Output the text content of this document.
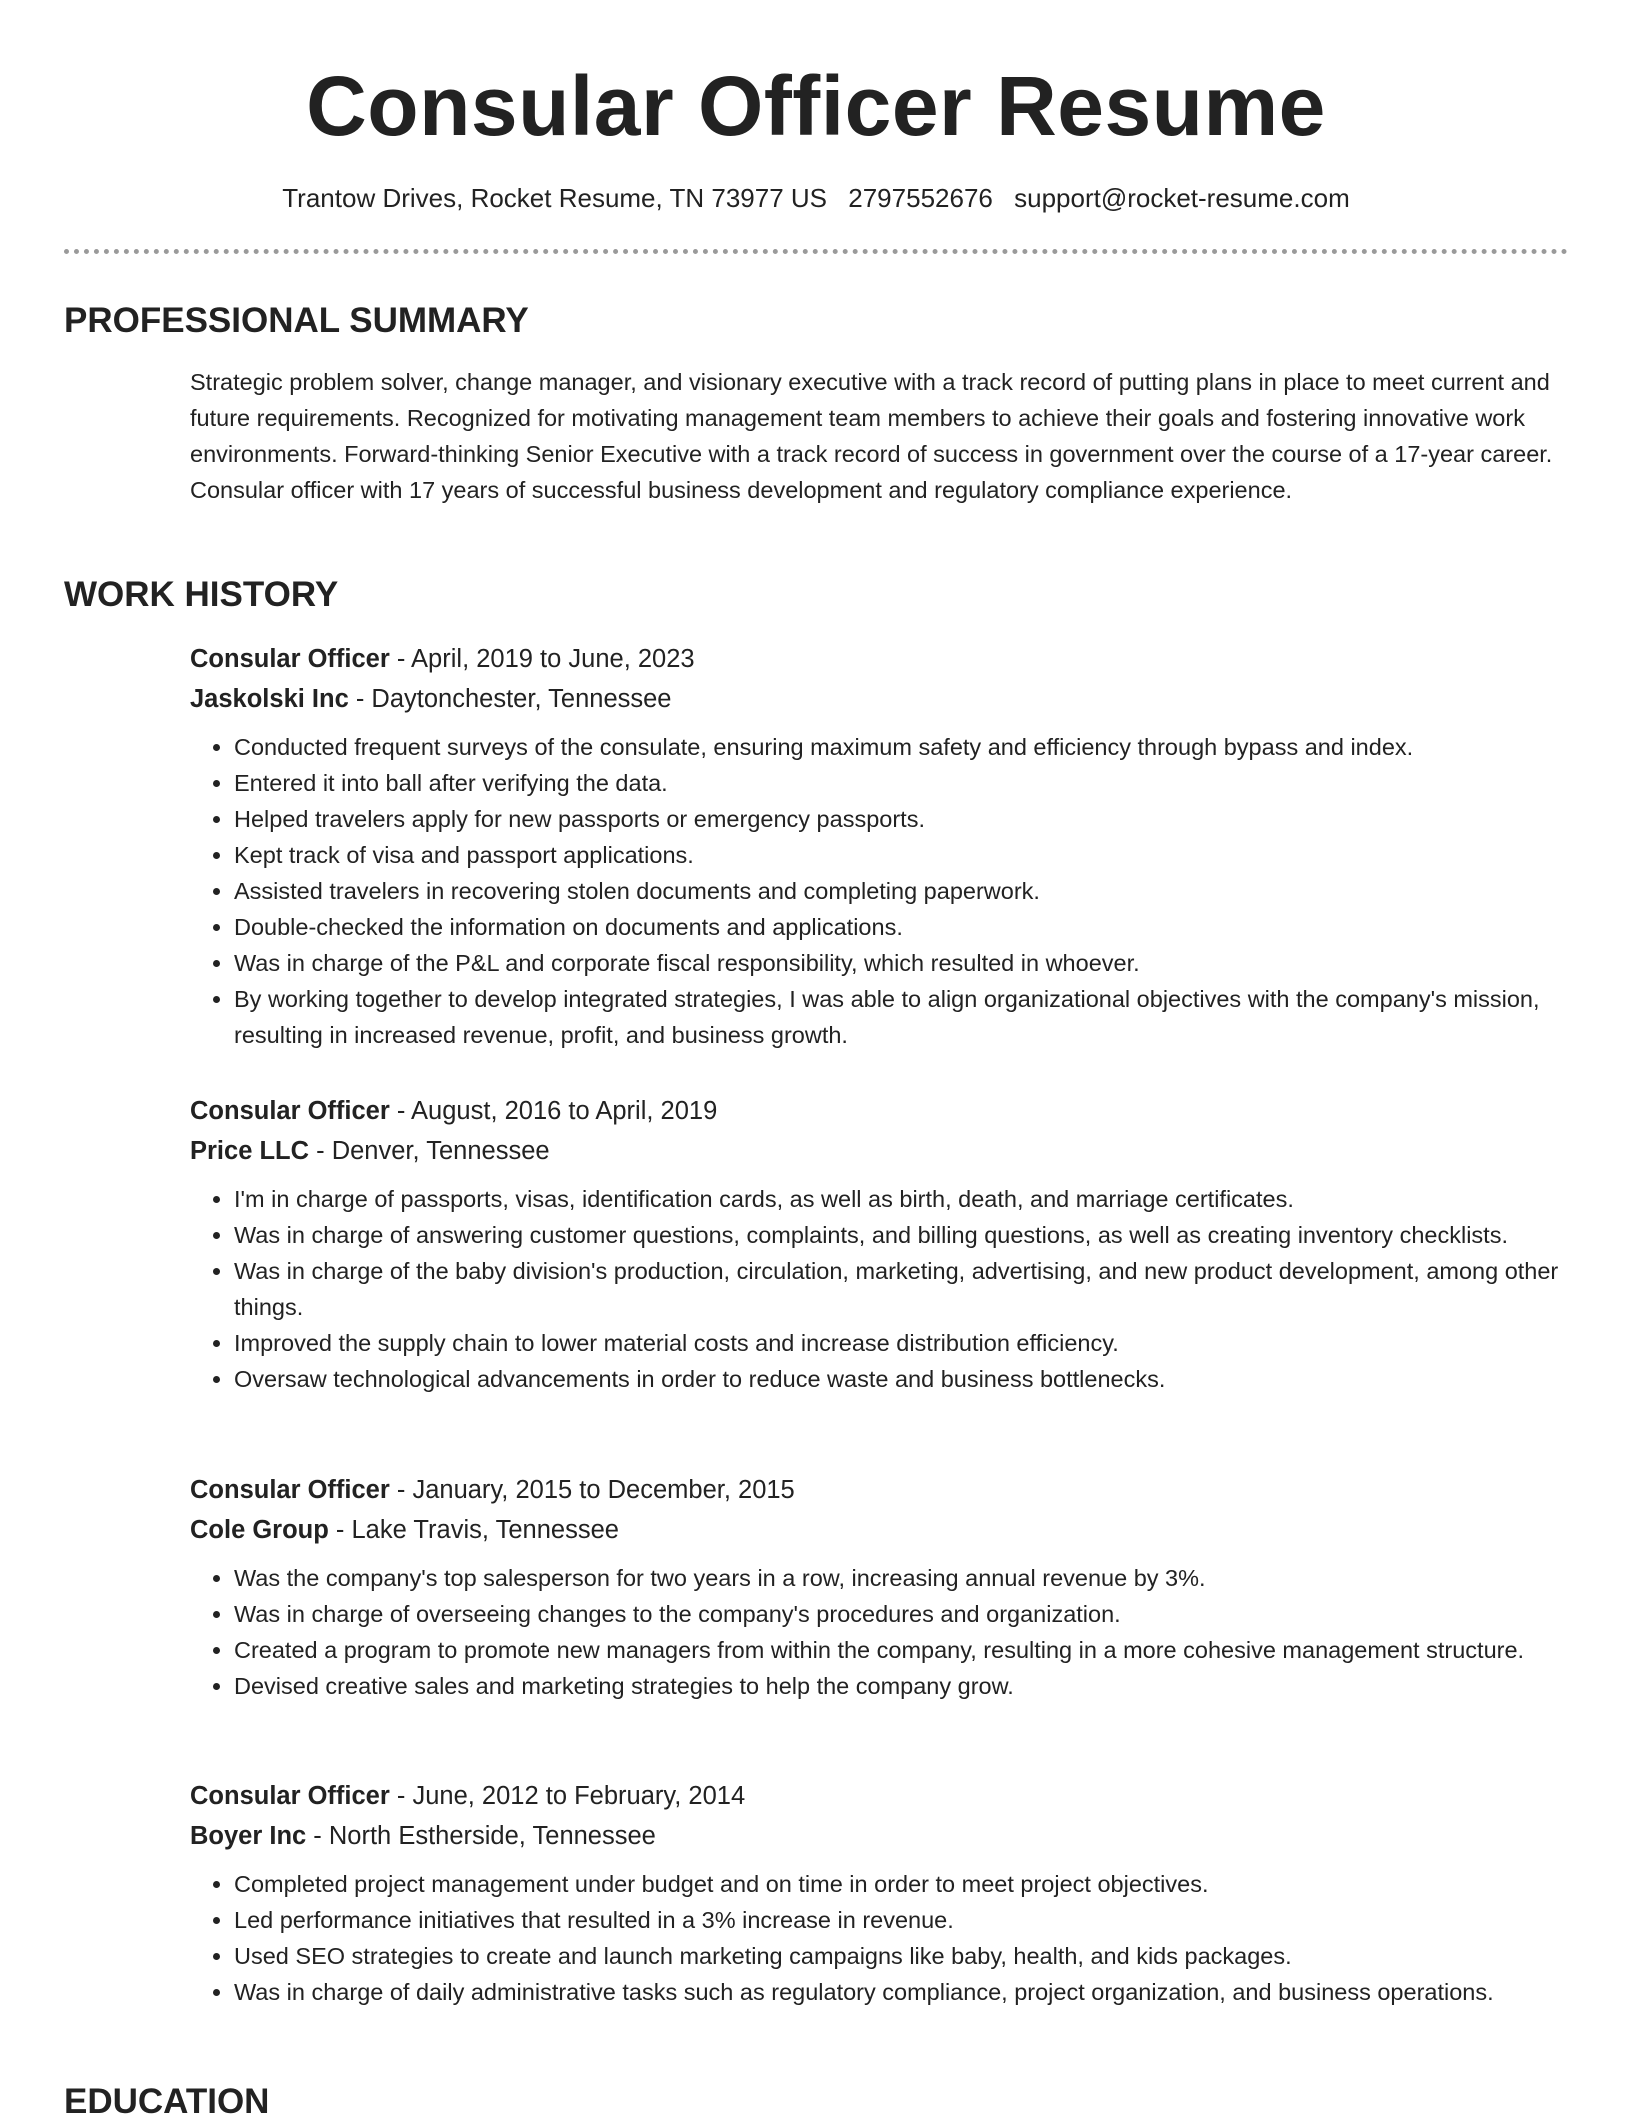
Consular Officer Resume
Trantow Drives, Rocket Resume, TN 73977 US 2797552676 support@rocket-resume.com
PROFESSIONAL SUMMARY

Strategic problem solver, change manager, and visionary executive with a track record of putting plans in place to meet current and future requirements. Recognized for motivating management team members to achieve their goals and fostering innovative work environments. Forward-thinking Senior Executive with a track record of success in government over the course of a 17-year career. Consular officer with 17 years of successful business development and regulatory compliance experience.

WORK HISTORY
Consular Officer - April, 2019 to June, 2023
Jaskolski Inc - Daytonchester, Tennessee
• Conducted frequent surveys of the consulate, ensuring maximum safety and efficiency through bypass and index.
• Entered it into ball after verifying the data.
• Helped travelers apply for new passports or emergency passports.
• Kept track of visa and passport applications.
• Assisted travelers in recovering stolen documents and completing paperwork.
• Double-checked the information on documents and applications.
• Was in charge of the P&L and corporate fiscal responsibility, which resulted in whoever.
• By working together to develop integrated strategies, I was able to align organizational objectives with the company's mission, resulting in increased revenue, profit, and business growth.
Consular Officer - August, 2016 to April, 2019
Price LLC - Denver, Tennessee
• I'm in charge of passports, visas, identification cards, as well as birth, death, and marriage certificates.
• Was in charge of answering customer questions, complaints, and billing questions, as well as creating inventory checklists.
• Was in charge of the baby division's production, circulation, marketing, advertising, and new product development, among other things.
• Improved the supply chain to lower material costs and increase distribution efficiency.
• Oversaw technological advancements in order to reduce waste and business bottlenecks.
Consular Officer - January, 2015 to December, 2015
Cole Group - Lake Travis, Tennessee
• Was the company's top salesperson for two years in a row, increasing annual revenue by 3%.
• Was in charge of overseeing changes to the company's procedures and organization.
• Created a program to promote new managers from within the company, resulting in a more cohesive management structure.
• Devised creative sales and marketing strategies to help the company grow.
Consular Officer - June, 2012 to February, 2014
Boyer Inc - North Estherside, Tennessee
• Completed project management under budget and on time in order to meet project objectives.
• Led performance initiatives that resulted in a 3% increase in revenue.
• Used SEO strategies to create and launch marketing campaigns like baby, health, and kids packages.
• Was in charge of daily administrative tasks such as regulatory compliance, project organization, and business operations.
EDUCATION
